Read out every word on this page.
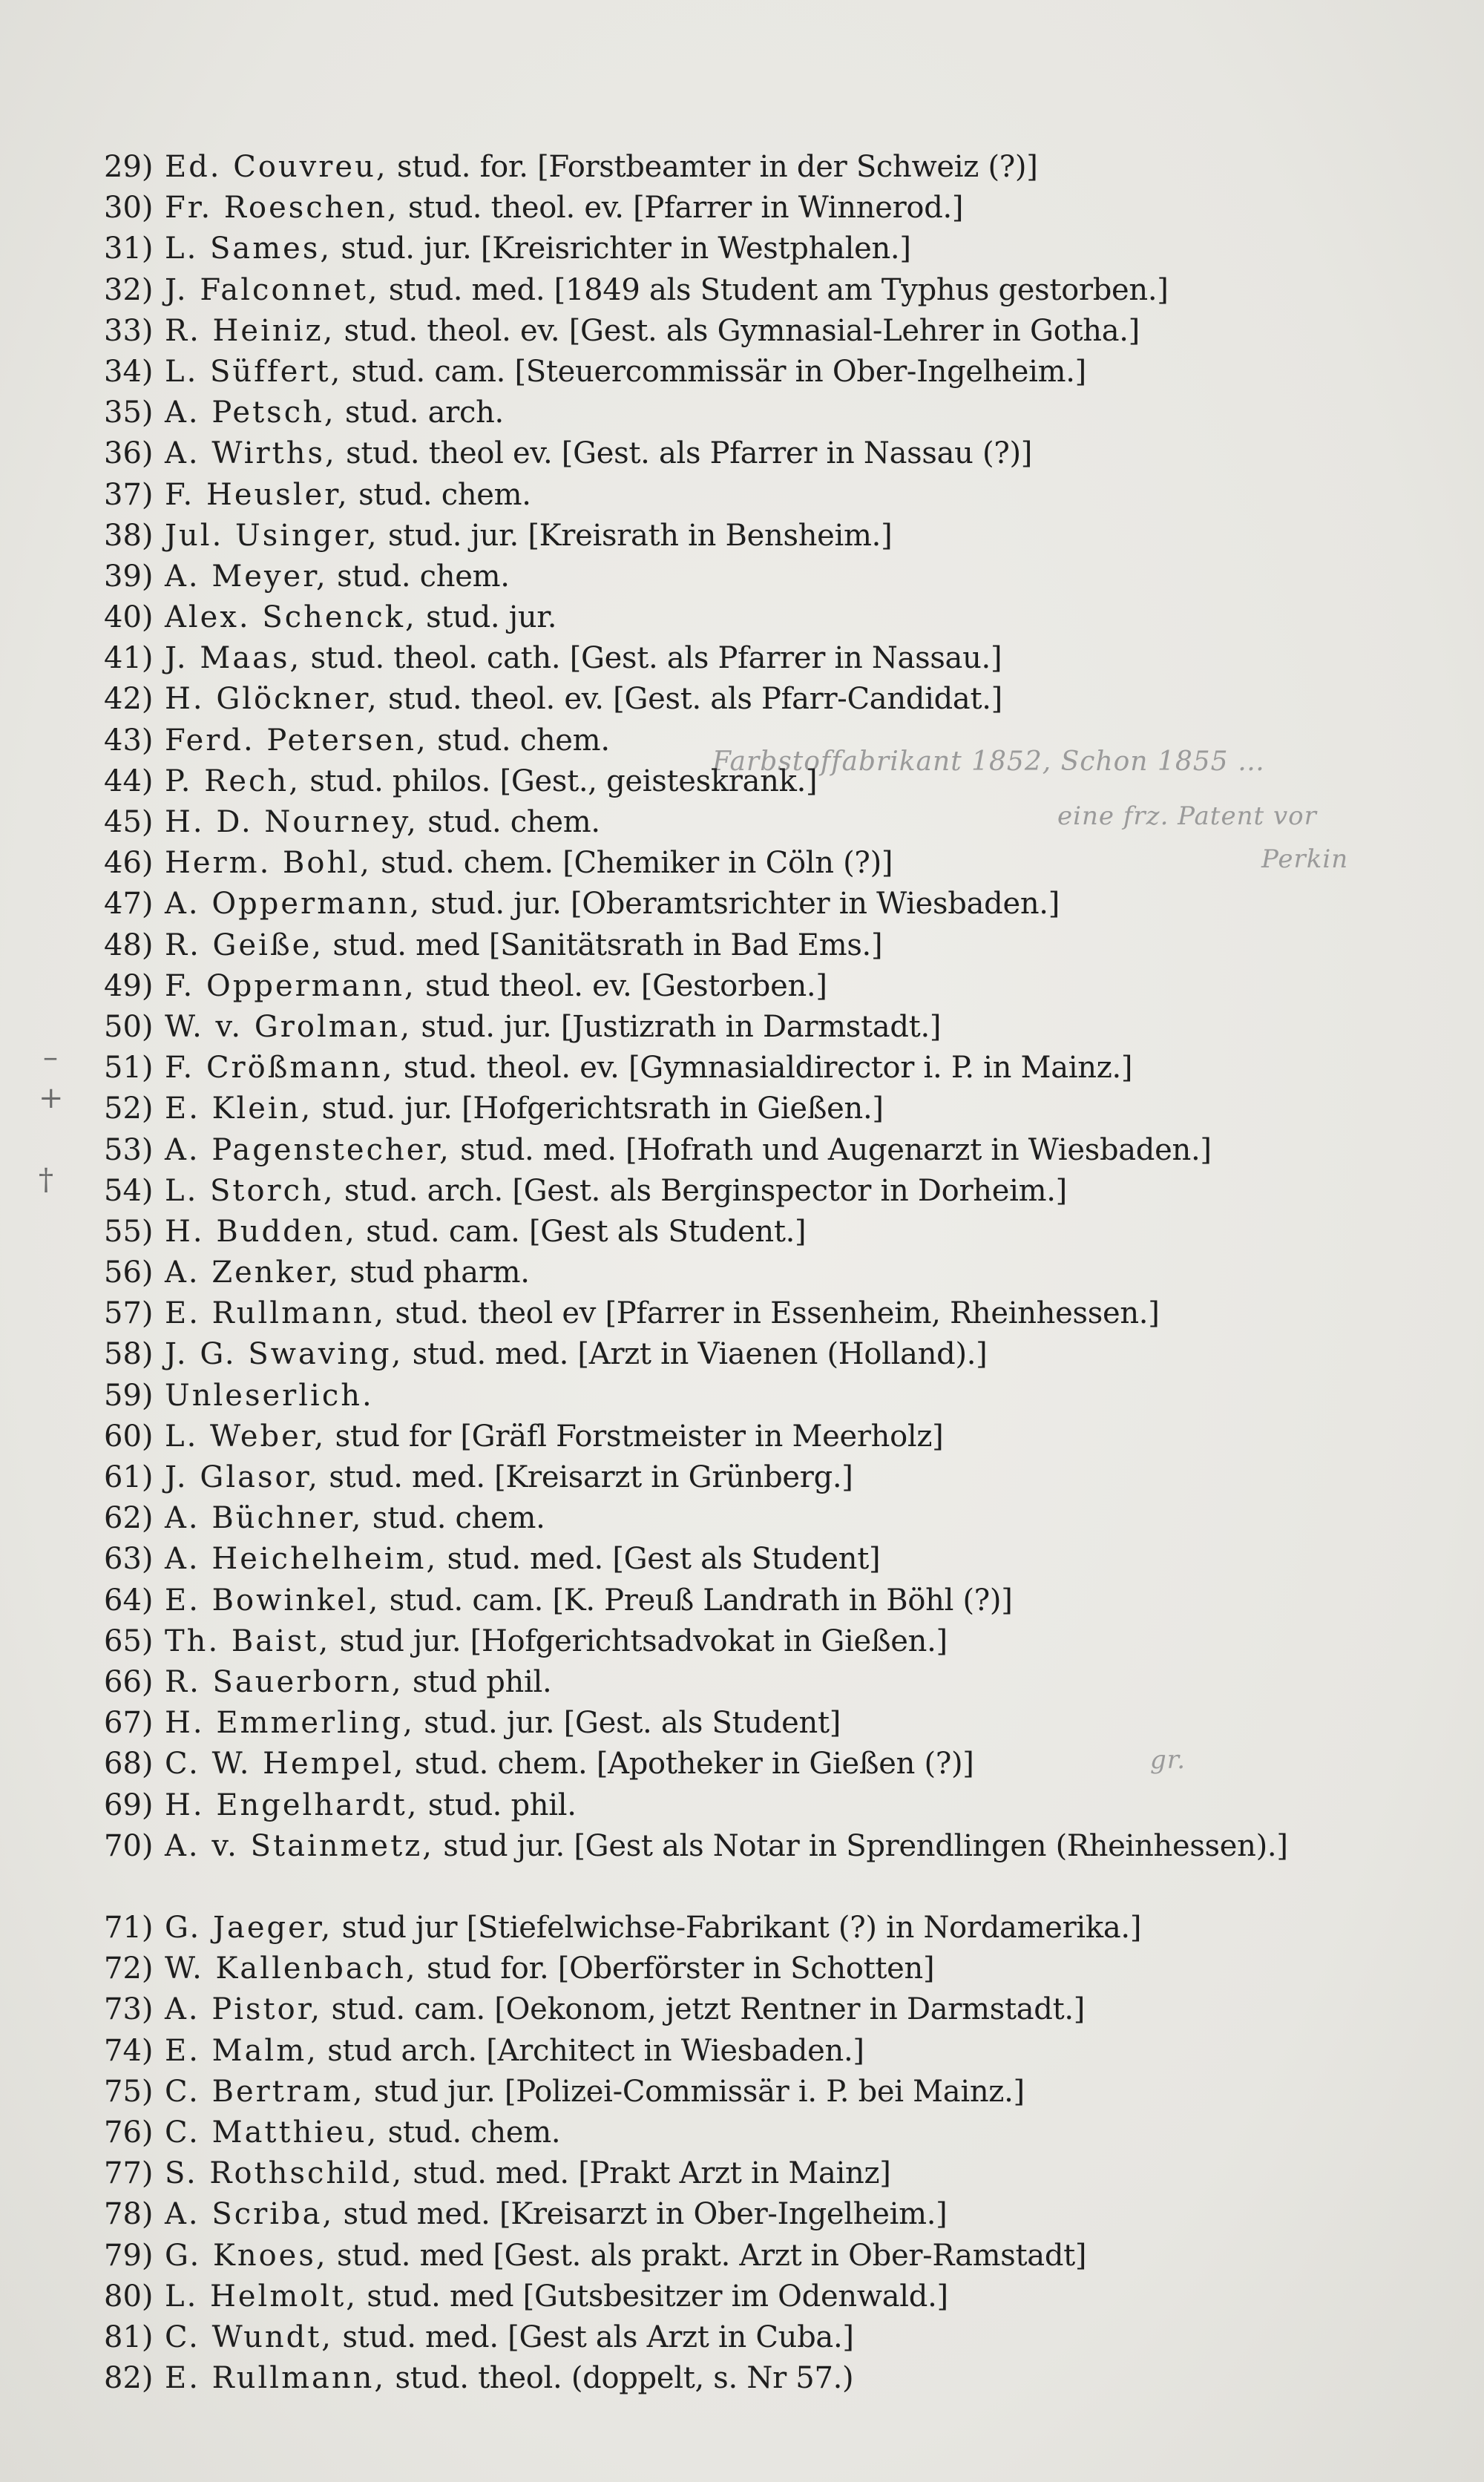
–
+
†
Farbstoffabrikant 1852, Schon 1855 …
eine frz. Patent vor
Perkin
gr.
29) Ed. Couvreu, stud. for. [Forstbeamter in der Schweiz (?)]
30) Fr. Roeschen, stud. theol. ev. [Pfarrer in Winnerod.]
31) L. Sames, stud. jur. [Kreisrichter in Westphalen.]
32) J. Falconnet, stud. med. [1849 als Student am Typhus gestorben.]
33) R. Heiniz, stud. theol. ev. [Gest. als Gymnasial-Lehrer in Gotha.]
34) L. Süffert, stud. cam. [Steuercommissär in Ober-Ingelheim.]
35) A. Petsch, stud. arch.
36) A. Wirths, stud. theol ev. [Gest. als Pfarrer in Nassau (?)]
37) F. Heusler, stud. chem.
38) Jul. Usinger, stud. jur. [Kreisrath in Bensheim.]
39) A. Meyer, stud. chem.
40) Alex. Schenck, stud. jur.
41) J. Maas, stud. theol. cath. [Gest. als Pfarrer in Nassau.]
42) H. Glöckner, stud. theol. ev. [Gest. als Pfarr-Candidat.]
43) Ferd. Petersen, stud. chem.
44) P. Rech, stud. philos. [Gest., geisteskrank.]
45) H. D. Nourney, stud. chem.
46) Herm. Bohl, stud. chem. [Chemiker in Cöln (?)]
47) A. Oppermann, stud. jur. [Oberamtsrichter in Wiesbaden.]
48) R. Geiße, stud. med [Sanitätsrath in Bad Ems.]
49) F. Oppermann, stud theol. ev. [Gestorben.]
50) W. v. Grolman, stud. jur. [Justizrath in Darmstadt.]
51) F. Crößmann, stud. theol. ev. [Gymnasialdirector i. P. in Mainz.]
52) E. Klein, stud. jur. [Hofgerichtsrath in Gießen.]
53) A. Pagenstecher, stud. med. [Hofrath und Augenarzt in Wiesbaden.]
54) L. Storch, stud. arch. [Gest. als Berginspector in Dorheim.]
55) H. Budden, stud. cam. [Gest als Student.]
56) A. Zenker, stud pharm.
57) E. Rullmann, stud. theol ev [Pfarrer in Essenheim, Rheinhessen.]
58) J. G. Swaving, stud. med. [Arzt in Viaenen (Holland).]
59) Unleserlich.
60) L. Weber, stud for [Gräfl Forstmeister in Meerholz]
61) J. Glasor, stud. med. [Kreisarzt in Grünberg.]
62) A. Büchner, stud. chem.
63) A. Heichelheim, stud. med. [Gest als Student]
64) E. Bowinkel, stud. cam. [K. Preuß Landrath in Böhl (?)]
65) Th. Baist, stud jur. [Hofgerichtsadvokat in Gießen.]
66) R. Sauerborn, stud phil.
67) H. Emmerling, stud. jur. [Gest. als Student]
68) C. W. Hempel, stud. chem. [Apotheker in Gießen (?)]
69) H. Engelhardt, stud. phil.
70) A. v. Stainmetz, stud jur. [Gest als Notar in Sprendlingen (Rheinhessen).]
71) G. Jaeger, stud jur [Stiefelwichse-Fabrikant (?) in Nordamerika.]
72) W. Kallenbach, stud for. [Oberförster in Schotten]
73) A. Pistor, stud. cam. [Oekonom, jetzt Rentner in Darmstadt.]
74) E. Malm, stud arch. [Architect in Wiesbaden.]
75) C. Bertram, stud jur. [Polizei-Commissär i. P. bei Mainz.]
76) C. Matthieu, stud. chem.
77) S. Rothschild, stud. med. [Prakt Arzt in Mainz]
78) A. Scriba, stud med. [Kreisarzt in Ober-Ingelheim.]
79) G. Knoes, stud. med [Gest. als prakt. Arzt in Ober-Ramstadt]
80) L. Helmolt, stud. med [Gutsbesitzer im Odenwald.]
81) C. Wundt, stud. med. [Gest als Arzt in Cuba.]
82) E. Rullmann, stud. theol. (doppelt, s. Nr 57.)
